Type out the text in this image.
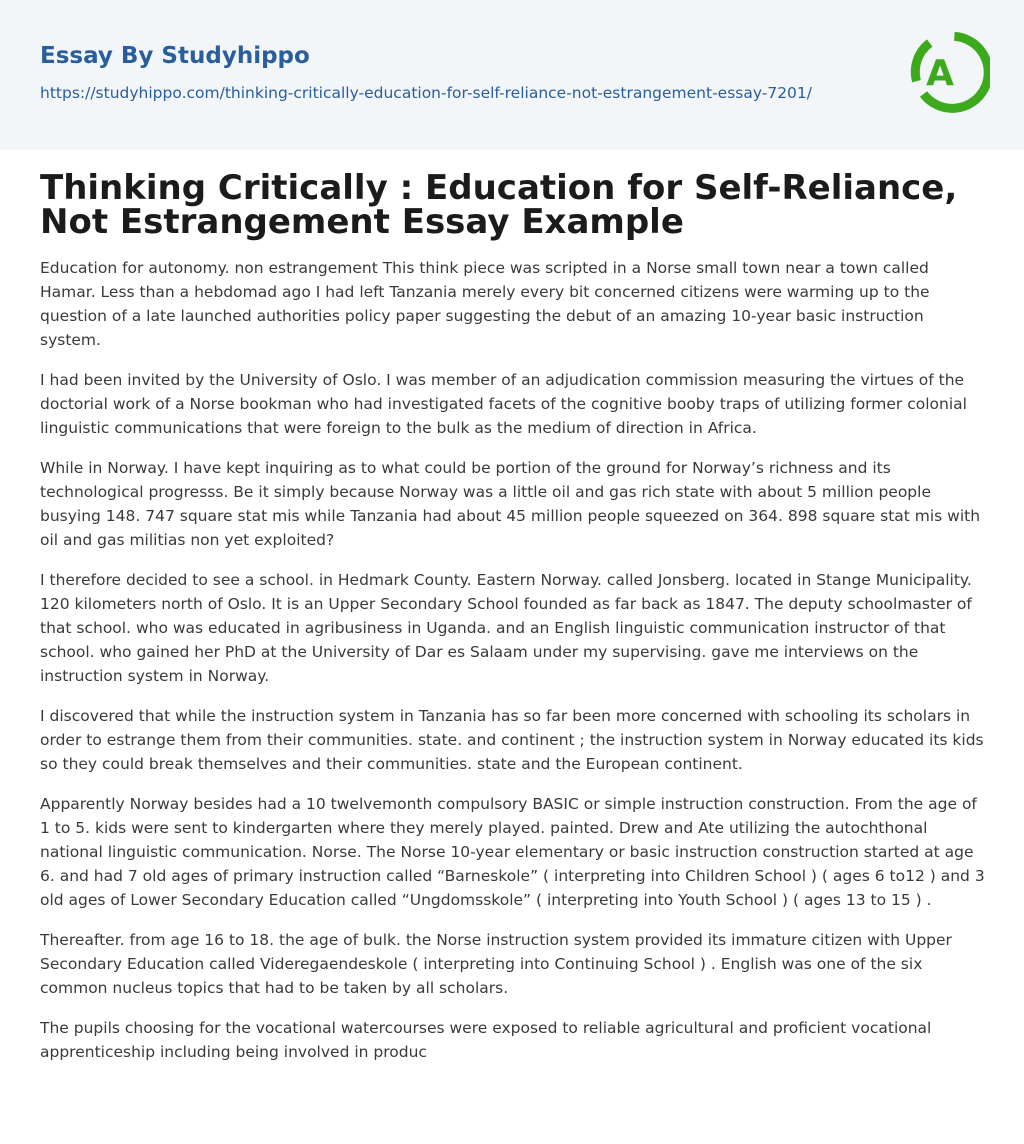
Essay By Studyhippo
https://studyhippo.com/thinking-critically-education-for-self-reliance-not-estrangement-essay-7201/	A
Thinking Critically : Education for Self-Reliance, Not Estrangement Essay Example

Education for autonomy. non estrangement This think piece was scripted in a Norse small town near a town called Hamar. Less than a hebdomad ago I had left Tanzania merely every bit concerned citizens were warming up to the question of a late launched authorities policy paper suggesting the debut of an amazing 10-year basic instruction system.

I had been invited by the University of Oslo. I was member of an adjudication commission measuring the virtues of the doctorial work of a Norse bookman who had investigated facets of the cognitive booby traps of utilizing former colonial linguistic communications that were foreign to the bulk as the medium of direction in Africa.

While in Norway. I have kept inquiring as to what could be portion of the ground for Norway’s richness and its technological progresss. Be it simply because Norway was a little oil and gas rich state with about 5 million people busying 148. 747 square stat mis while Tanzania had about 45 million people squeezed on 364. 898 square stat mis with oil and gas militias non yet exploited?

I therefore decided to see a school. in Hedmark County. Eastern Norway. called Jonsberg. located in Stange Municipality. 120 kilometers north of Oslo. It is an Upper Secondary School founded as far back as 1847. The deputy schoolmaster of that school. who was educated in agribusiness in Uganda. and an English linguistic communication instructor of that school. who gained her PhD at the University of Dar es Salaam under my supervising. gave me interviews on the instruction system in Norway.

I discovered that while the instruction system in Tanzania has so far been more concerned with schooling its scholars in order to estrange them from their communities. state. and continent ; the instruction system in Norway educated its kids so they could break themselves and their communities. state and the European continent.

Apparently Norway besides had a 10 twelvemonth compulsory BASIC or simple instruction construction. From the age of 1 to 5. kids were sent to kindergarten where they merely played. painted. Drew and Ate utilizing the autochthonal national linguistic communication. Norse. The Norse 10-year elementary or basic instruction construction started at age 6. and had 7 old ages of primary instruction called “Barneskole” ( interpreting into Children School ) ( ages 6 to12 ) and 3 old ages of Lower Secondary Education called “Ungdomsskole” ( interpreting into Youth School ) ( ages 13 to 15 ) .

Thereafter. from age 16 to 18. the age of bulk. the Norse instruction system provided its immature citizen with Upper Secondary Education called Videregaendeskole ( interpreting into Continuing School ) . English was one of the six common nucleus topics that had to be taken by all scholars.

The pupils choosing for the vocational watercourses were exposed to reliable agricultural and proficient vocational apprenticeship including being involved in produc
